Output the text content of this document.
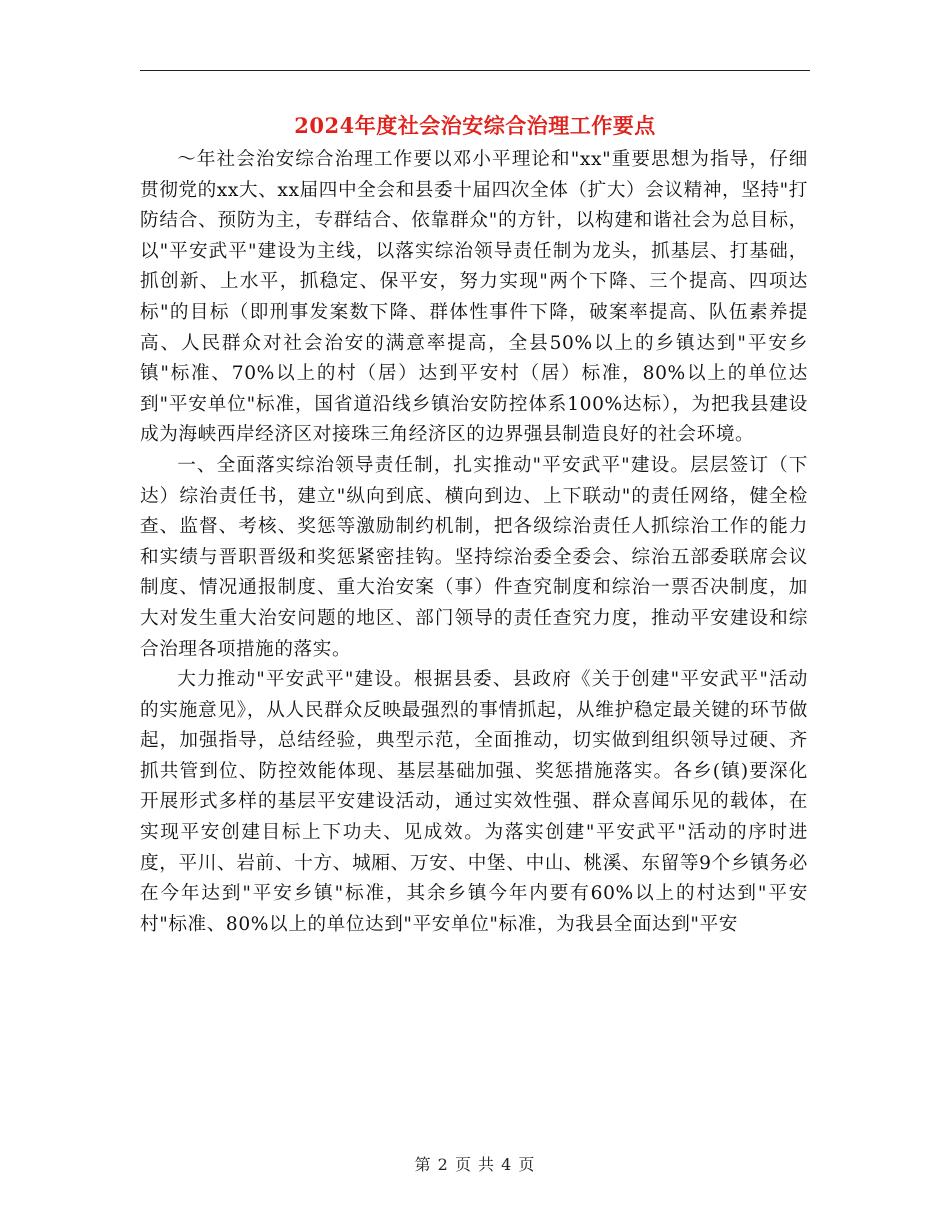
2024年度社会治安综合治理工作要点

～年社会治安综合治理工作要以邓小平理论和"xx"重要思想为指导，仔细贯彻党的xx大、xx届四中全会和县委十届四次全体（扩大）会议精神，坚持"打防结合、预防为主，专群结合、依靠群众"的方针，以构建和谐社会为总目标，以"平安武平"建设为主线，以落实综治领导责任制为龙头，抓基层、打基础，抓创新、上水平，抓稳定、保平安，努力实现"两个下降、三个提高、四项达标"的目标（即刑事发案数下降、群体性事件下降，破案率提高、队伍素养提高、人民群众对社会治安的满意率提高，全县50%以上的乡镇达到"平安乡镇"标准、70%以上的村（居）达到平安村（居）标准，80%以上的单位达到"平安单位"标准，国省道沿线乡镇治安防控体系100%达标），为把我县建设成为海峡西岸经济区对接珠三角经济区的边界强县制造良好的社会环境。

一、全面落实综治领导责任制，扎实推动"平安武平"建设。层层签订（下达）综治责任书，建立"纵向到底、横向到边、上下联动"的责任网络，健全检查、监督、考核、奖惩等激励制约机制，把各级综治责任人抓综治工作的能力和实绩与晋职晋级和奖惩紧密挂钩。坚持综治委全委会、综治五部委联席会议制度、情况通报制度、重大治安案（事）件查究制度和综治一票否决制度，加大对发生重大治安问题的地区、部门领导的责任查究力度，推动平安建设和综合治理各项措施的落实。

大力推动"平安武平"建设。根据县委、县政府《关于创建"平安武平"活动的实施意见》，从人民群众反映最强烈的事情抓起，从维护稳定最关键的环节做起，加强指导，总结经验，典型示范，全面推动，切实做到组织领导过硬、齐抓共管到位、防控效能体现、基层基础加强、奖惩措施落实。各乡(镇)要深化开展形式多样的基层平安建设活动，通过实效性强、群众喜闻乐见的载体，在实现平安创建目标上下功夫、见成效。为落实创建"平安武平"活动的序时进度，平川、岩前、十方、城厢、万安、中堡、中山、桃溪、东留等9个乡镇务必在今年达到"平安乡镇"标准，其余乡镇今年内要有60%以上的村达到"平安村"标准、80%以上的单位达到"平安单位"标准，为我县全面达到"平安

第 2 页 共 4 页
